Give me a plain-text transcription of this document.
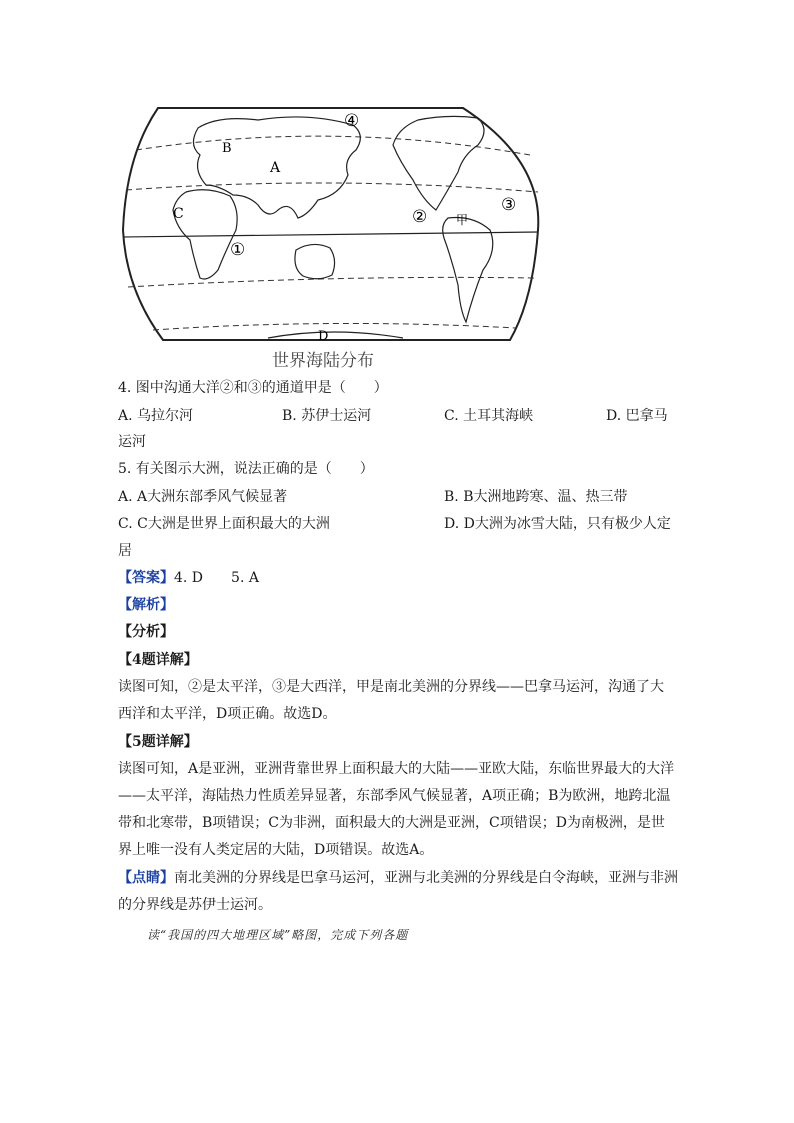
A
B
C
D
①
②
③
④
甲
世界海陆分布
4. 图中沟通大洋②和③的通道甲是（　　）
A. 乌拉尔河	B. 苏伊士运河	C. 土耳其海峡	D. 巴拿马
运河
5. 有关图示大洲，说法正确的是（　　）
A. A大洲东部季风气候显著	B. B大洲地跨寒、温、热三带
C. C大洲是世界上面积最大的大洲	D. D大洲为冰雪大陆，只有极少人定
居
【答案】4. D　　5. A
【解析】
【分析】
【4题详解】
读图可知，②是太平洋，③是大西洋，甲是南北美洲的分界线——巴拿马运河，沟通了大
西洋和太平洋，D项正确。故选D。
【5题详解】
读图可知，A是亚洲，亚洲背靠世界上面积最大的大陆——亚欧大陆，东临世界最大的大洋
——太平洋，海陆热力性质差异显著，东部季风气候显著，A项正确；B为欧洲，地跨北温
带和北寒带，B项错误；C为非洲，面积最大的大洲是亚洲，C项错误；D为南极洲，是世
界上唯一没有人类定居的大陆，D项错误。故选A。
【点睛】南北美洲的分界线是巴拿马运河，亚洲与北美洲的分界线是白令海峡，亚洲与非洲
的分界线是苏伊士运河。
读“我国的四大地理区域”略图，完成下列各题
